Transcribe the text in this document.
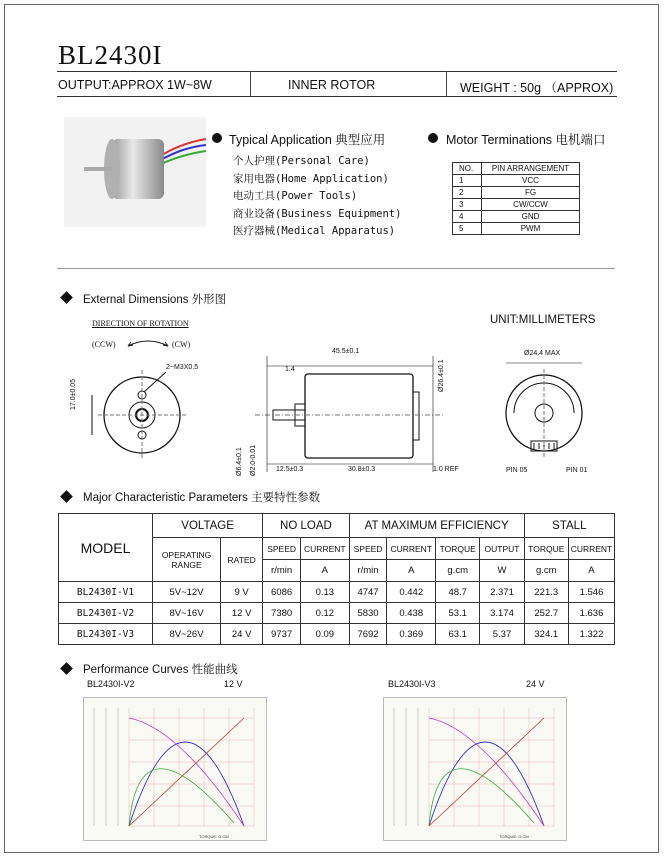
BL2430I
OUTPUT:APPROX 1W~8W	INNER ROTOR	WEIGHT : 50g （APPROX)
Typical Application 典型应用
个人护理(Personal Care)
家用电器(Home Application)
电动工具(Power Tools)
商业设备(Business Equipment)
医疗器械(Medical Apparatus)
Motor Terminations 电机端口
NO.	PIN ARRANGEMENT
1	VCC
2	FG
3	CW/CCW
4	GND
5	PWM
External Dimensions 外形图
UNIT:MILLIMETERS
DIRECTION OF ROTATION
(CCW)	(CW)
2~M3X0.5
17.0±0.05
45.5±0.1
1.4	Ø26.4±0.1
Ø6.4±0.1 Ø2.0-0.01	12.5±0.3	30.8±0.3	1.0 REF
Ø24.4 MAX
PIN 05	PIN 01
Major Characteristic Parameters 主要特性参数
MODEL	VOLTAGE		NO LOAD		AT MAXIMUM EFFICIENCY				STALL	
	OPERATING RANGE	RATED	SPEED	CURRENT	SPEED	CURRENT	TORQUE	OUTPUT	TORQUE	CURRENT
			r/min	A	r/min	A	g.cm	W	g.cm	A
BL2430I-V1	5V~12V	9 V	6086	0.13	4747	0.442	48.7	2.371	221.3	1.546
BL2430I-V2	8V~16V	12 V	7380	0.12	5830	0.438	53.1	3.174	252.7	1.636
BL2430I-V3	8V~26V	24 V	9737	0.09	7692	0.369	63.1	5.37	324.1	1.322
Performance Curves 性能曲线
BL2430I-V2	12 V	BL2430I-V3	24 V
TORQUE: G.CM	TORQUE: G.CM
